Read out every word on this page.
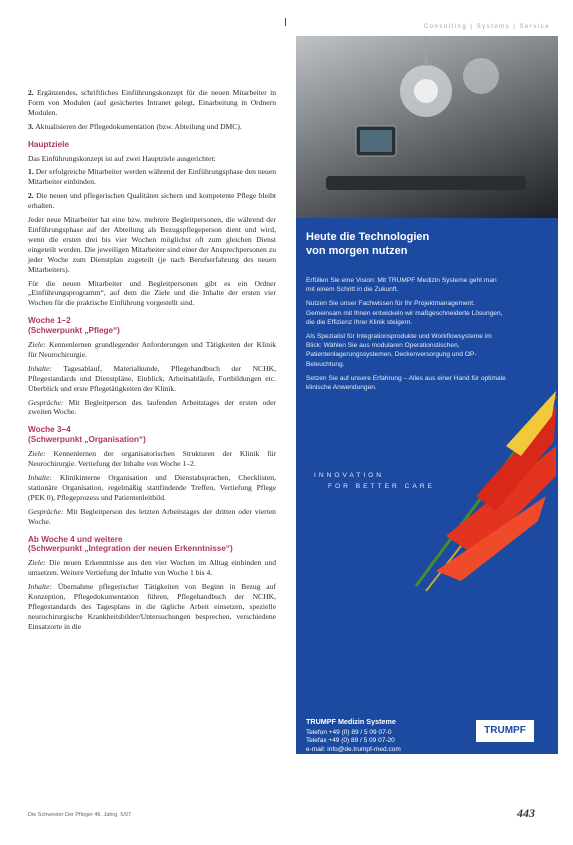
2. Ergänzendes, schriftliches Einführungskonzept für die neuen Mitarbeiter in Form von Modulen (auf gesichertes Intranet gelegt, Einarbeitung in Ordnern Modulen.

3. Aktualisieren der Pflegedokumentation (bzw. Abteilung und DMC).

Hauptziele

Das Einführungskonzept ist auf zwei Hauptziele ausgerichtet:

1. Der erfolgreiche Mitarbeiter werden während der Einführungsphase den neuen Mitarbeiter einbinden.

2. Die neuen und pflegerischen Qualitäten sichern und kompetente Pflege bleibt erhalten.

Jeder neue Mitarbeiter hat eine bzw. mehrere Begleitpersonen, die während der Einführungsphase auf der Abteilung als Bezugspflegeperson dient und wird, wenn die ersten drei bis vier Wochen möglichst oft zum gleichen Dienst eingeteilt werden. Die jeweiligen Mitarbeiter sind einer der Ansprechpersonen zu jeder Woche zum Dienstplan zugeteilt (je nach Berufserfahrung des neuen Mitarbeiters).

Für die neuen Mitarbeiter und Begleitpersonen gibt es ein Ordner „Einführungsprogramm“, auf dem die Ziele und die Inhalte der ersten vier Wochen für die praktische Einführung vorgestellt sind.

Woche 1–2
(Schwerpunkt „Pflege“)

Ziele: Kennenlernen grundlegender Anforderungen und Tätigkeiten der Klinik für Neurochirurgie.

Inhalte: Tagesablauf, Materialkunde, Pflegehandbuch der NCHK, Pflegestandards und Dienstpläne, Einblick, Arbeitsabläufe, Fortbildungen etc. Überblick und erste Pflegetätigkeiten der Klinik.

Gespräche: Mit Begleitperson des laufenden Arbeitstages der ersten oder zweiten Woche.

Woche 3–4
(Schwerpunkt „Organisation“)

Ziele: Kennenlernen der organisatorischen Strukturen der Klinik für Neurochirurgie. Vertiefung der Inhalte von Woche 1–2.

Inhalte: Klinikinterne Organisation und Dienstabsprachen, Checklisten, stationäre Organisation, regelmäßig stattfindende Treffen, Vertiefung Pflege (PEK 0), Pflegeprozess und Patientenleitbild.

Gespräche: Mit Begleitperson des letzten Arbeitstages der dritten oder vierten Woche.

Ab Woche 4 und weitere
(Schwerpunkt „Integration der neuen Erkenntnisse“)

Ziele: Die neuen Erkenntnisse aus den vier Wochen im Alltag einbinden und umsetzen. Weitere Vertiefung der Inhalte von Woche 1 bis 4.

Inhalte: Übernahme pflegerischer Tätigkeiten von Beginn in Bezug auf Konzeption, Pflegedokumentation führen, Pflegehandbuch der NCHK, Pflegestandards des Tagesplans in die tägliche Arbeit einsetzen, spezielle neurochirurgische Krankheitsbilder/Untersuchungen besprechen, verschiedene Einsatzorte in die

Consulting | Systems | Service
Heute die Technologien
von morgen nutzen

Erfüllen Sie eine Vision: Mit TRUMPF Medizin Systeme geht man mit einem Schritt in die Zukunft.

Nutzen Sie unser Fachwissen für Ihr Projektmanagement. Gemeinsam mit Ihnen entwickeln wir maßgeschneiderte Lösungen, die die Effizienz Ihrer Klinik steigern.

Als Spezialist für Integrationsprodukte und Workflowsysteme im Blick: Wählen Sie aus modularen Operationstischen, Patientenlagerungssystemen, Deckenversorgung und OP-Beleuchtung.

Setzen Sie auf unsere Erfahrung – Alles aus einer Hand für optimale klinische Anwendungen.

INNOVATION
FOR BETTER CARE
TRUMPF Medizin Systeme
Telefon +49 (0) 89 / 5 09 07-0
Telefax +49 (0) 89 / 5 09 07-20
e-mail: info@de.trumpf-med.com
www.trumpf-med.com
TRUMPF
Die Schwester Der Pfleger 46. Jahrg. 5/07	443
